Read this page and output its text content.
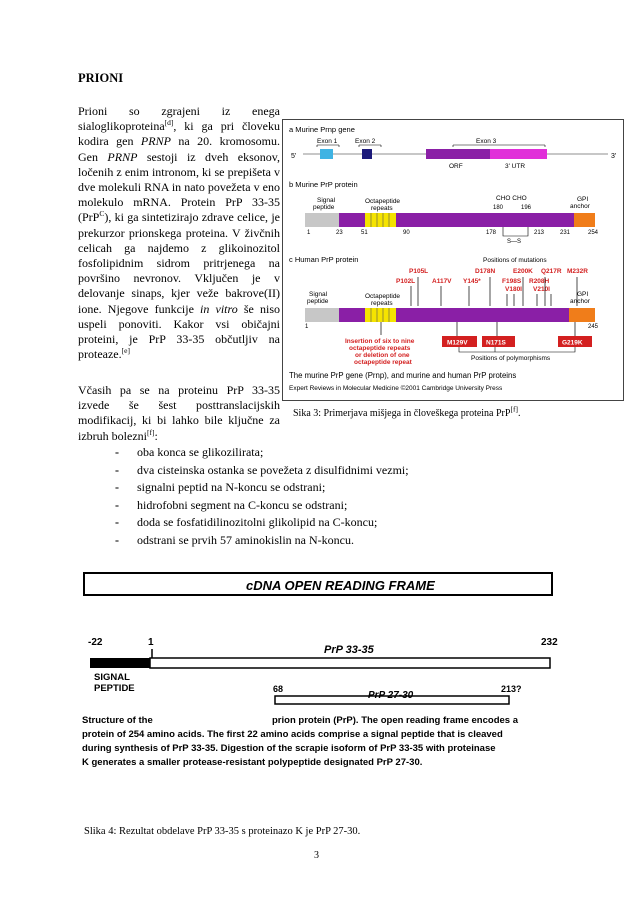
PRIONI
Prioni so zgrajeni iz enega sialoglikoproteina[d], ki ga pri človeku kodira gen PRNP na 20. kromosomu. Gen PRNP sestoji iz dveh eksonov, ločenih z enim intronom, ki se prepišeta v dve molekuli RNA in nato povežeta v eno molekulo mRNA. Protein PrP 33-35 (PrP$^C$), ki ga sintetizirajo zdrave celice, je prekurzor prionskega proteina. V živčnih celicah ga najdemo z glikoinozitol fosfolipidnim sidrom pritrjenega na površino nevronov. Vključen je v delovanje sinaps, kjer veže bakrove(II) ione. Njegove funkcije in vitro še niso uspeli ponoviti. Kakor vsi običajni proteini, je PrP 33-35 občutljiv na proteaze.[e]
Včasih pa se na proteinu PrP 33-35 izvede še šest posttranslacijskih modifikacij, ki bi lahko bile ključne za izbruh bolezni[f]:
a Murine Prnp gene
Exon 1	Exon 2	Exon 3
5'	3'
ORF	3' UTR
b Murine PrP protein
Signal
peptide
Octapeptide
repeats
CHO CHO	GPI
anchor
1	23	51	90	178
180	196
213	231	254
S—S
c Human PrP protein	Positions of mutations
P105L	D178N	E200K Q217R M232R
P102L	A117V Y145*	F198S R208H
V180I V210I
Signal
peptide
Octapeptide
repeats
GPI
anchor
1	245
Insertion of six to nine
octapeptide repeats
or deletion of one
octapeptide repeat
M129V	N171S	G219K
Positions of polymorphisms
The murine PrP gene (Prnp), and murine and human PrP proteins
Expert Reviews in Molecular Medicine ©2001 Cambridge University Press
Sika 3: Primerjava mišjega in človeškega proteina PrP[f].
- oba konca se glikozilirata;
- dva cisteinska ostanka se povežeta z disulfidnimi vezmi;
- signalni peptid na N-koncu se odstrani;
- hidrofobni segment na C-koncu se odstrani;
- doda se fosfatidilinozitolni glikolipid na C-koncu;
- odstrani se prvih 57 aminokislin na N-koncu.
cDNA OPEN READING FRAME
-22	1	232
PrP 33-35
SIGNAL
PEPTIDE	68	213?
PrP 27-30
Structure of the	prion protein (PrP). The open reading frame encodes a
protein of 254 amino acids. The first 22 amino acids comprise a signal peptide that is cleaved
during synthesis of PrP 33-35. Digestion of the scrapie isoform of PrP 33-35 with proteinase
K generates a smaller protease-resistant polypeptide designated PrP 27-30.
Slika 4: Rezultat obdelave PrP 33-35 s proteinazo K je PrP 27-30.
3
